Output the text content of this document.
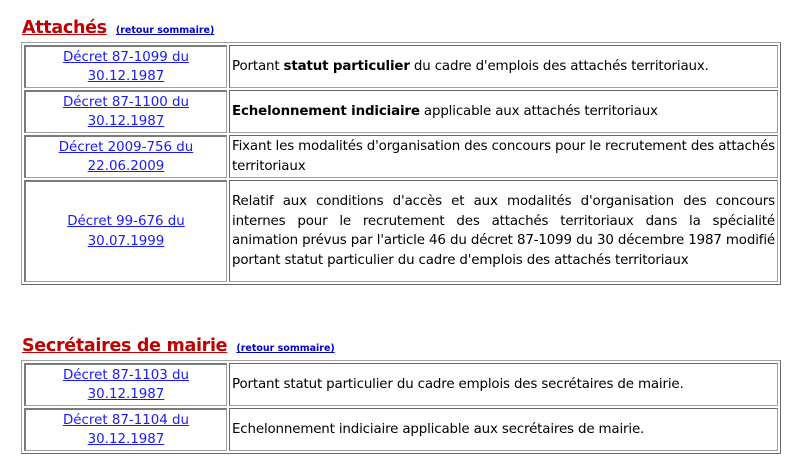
Attachés (retour sommaire)
Décret 87-1099 du
30.12.1987	Portant statut particulier du cadre d'emplois des attachés territoriaux.
Décret 87-1100 du
30.12.1987	Echelonnement indiciaire applicable aux attachés territoriaux
Décret 2009-756 du
22.06.2009	Fixant les modalités d'organisation des concours pour le recrutement des attachés territoriaux
Décret 99-676 du
30.07.1999	Relatif aux conditions d'accès et aux modalités d'organisation des concours internes pour le recrutement des attachés territoriaux dans la spécialité animation prévus par l'article 46 du décret 87-1099 du 30 décembre 1987 modifié portant statut particulier du cadre d'emplois des attachés territoriaux
Secrétaires de mairie (retour sommaire)
Décret 87-1103 du
30.12.1987	Portant statut particulier du cadre emplois des secrétaires de mairie.
Décret 87-1104 du
30.12.1987	Echelonnement indiciaire applicable aux secrétaires de mairie.
